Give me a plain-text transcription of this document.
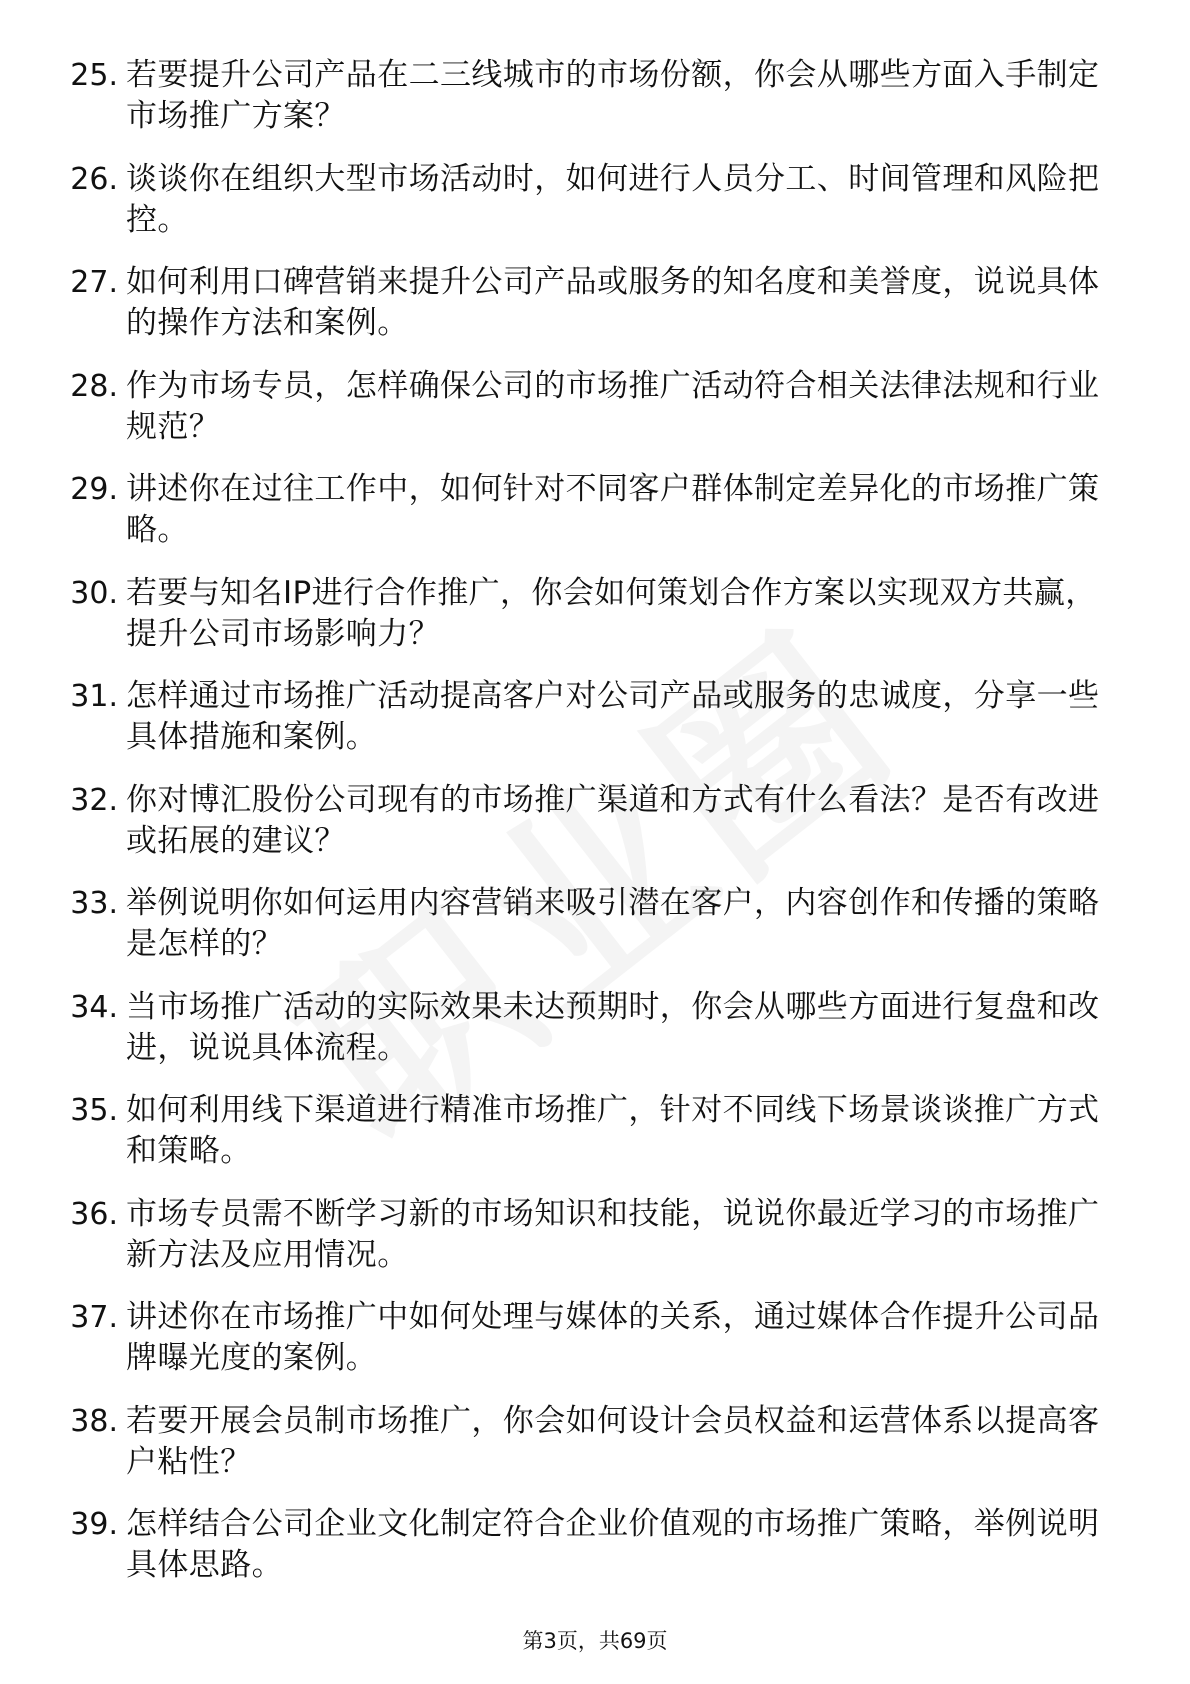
25. 若要提升公司产品在二三线城市的市场份额，你会从哪些方面入手制定市场推广方案？
26. 谈谈你在组织大型市场活动时，如何进行人员分工、时间管理和风险把控。
27. 如何利用口碑营销来提升公司产品或服务的知名度和美誉度，说说具体的操作方法和案例。
28. 作为市场专员，怎样确保公司的市场推广活动符合相关法律法规和行业规范？
29. 讲述你在过往工作中，如何针对不同客户群体制定差异化的市场推广策略。
30. 若要与知名IP进行合作推广，你会如何策划合作方案以实现双方共赢，提升公司市场影响力？
31. 怎样通过市场推广活动提高客户对公司产品或服务的忠诚度，分享一些具体措施和案例。
32. 你对博汇股份公司现有的市场推广渠道和方式有什么看法？是否有改进或拓展的建议？
33. 举例说明你如何运用内容营销来吸引潜在客户，内容创作和传播的策略是怎样的？
34. 当市场推广活动的实际效果未达预期时，你会从哪些方面进行复盘和改进，说说具体流程。
35. 如何利用线下渠道进行精准市场推广，针对不同线下场景谈谈推广方式和策略。
36. 市场专员需不断学习新的市场知识和技能，说说你最近学习的市场推广新方法及应用情况。
37. 讲述你在市场推广中如何处理与媒体的关系，通过媒体合作提升公司品牌曝光度的案例。
38. 若要开展会员制市场推广，你会如何设计会员权益和运营体系以提高客户粘性？
39. 怎样结合公司企业文化制定符合企业价值观的市场推广策略，举例说明具体思路。
第3页，共69页
